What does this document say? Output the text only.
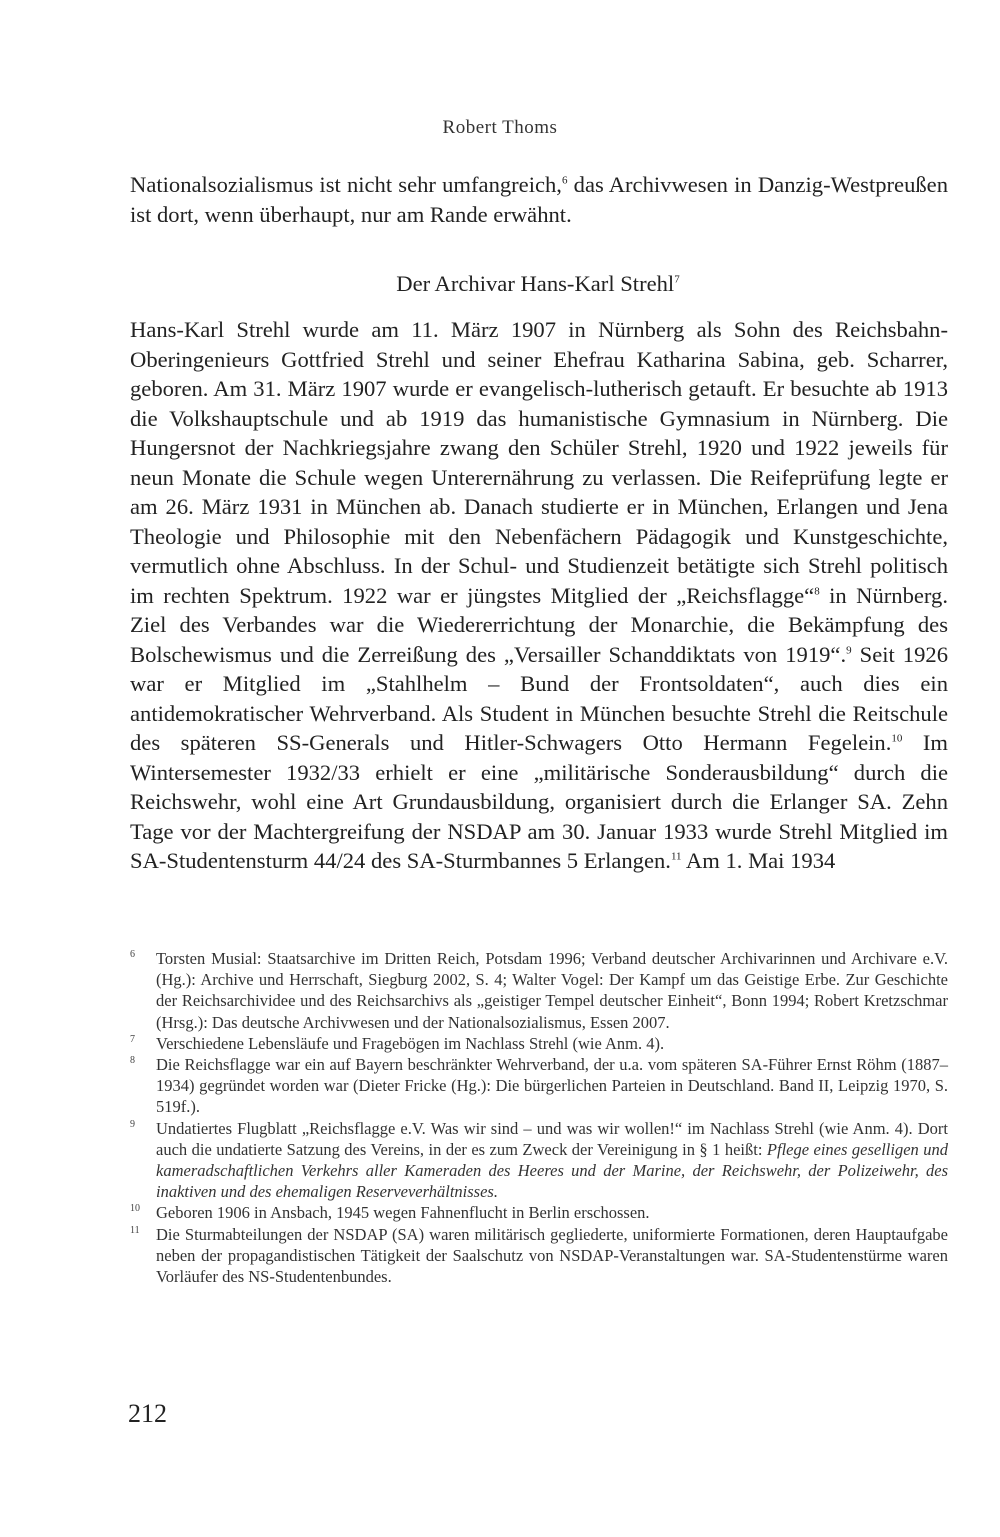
Robert Thoms
Nationalsozialismus ist nicht sehr umfangreich,$^6$ das Archivwesen in Danzig-Westpreußen ist dort, wenn überhaupt, nur am Rande erwähnt.
Der Archivar Hans-Karl Strehl$^7$
Hans-Karl Strehl wurde am 11. März 1907 in Nürnberg als Sohn des Reichsbahn-Oberingenieurs Gottfried Strehl und seiner Ehefrau Katharina Sabina, geb. Scharrer, geboren. Am 31. März 1907 wurde er evangelisch-lutherisch getauft. Er besuchte ab 1913 die Volkshauptschule und ab 1919 das humanistische Gymnasium in Nürnberg. Die Hungersnot der Nachkriegsjahre zwang den Schüler Strehl, 1920 und 1922 jeweils für neun Monate die Schule wegen Unterernährung zu verlassen. Die Reifeprüfung legte er am 26. März 1931 in München ab. Danach studierte er in München, Erlangen und Jena Theologie und Philosophie mit den Nebenfächern Pädagogik und Kunstgeschichte, vermutlich ohne Abschluss. In der Schul- und Studienzeit betätigte sich Strehl politisch im rechten Spektrum. 1922 war er jüngstes Mitglied der „Reichsflagge“$^8$ in Nürnberg. Ziel des Verbandes war die Wiedererrichtung der Monarchie, die Bekämpfung des Bolschewismus und die Zerreißung des „Versailler Schanddiktats von 1919“.$^9$ Seit 1926 war er Mitglied im „Stahlhelm – Bund der Frontsoldaten“, auch dies ein antidemokratischer Wehrverband. Als Student in München besuchte Strehl die Reitschule des späteren SS-Generals und Hitler-Schwagers Otto Hermann Fegelein.$^{10}$ Im Wintersemester 1932/33 erhielt er eine „militärische Sonderausbildung“ durch die Reichswehr, wohl eine Art Grundausbildung, organisiert durch die Erlanger SA. Zehn Tage vor der Machtergreifung der NSDAP am 30. Januar 1933 wurde Strehl Mitglied im SA-Studentensturm 44/24 des SA-Sturmbannes 5 Erlangen.$^{11}$ Am 1. Mai 1934

6 Torsten Musial: Staatsarchive im Dritten Reich, Potsdam 1996; Verband deutscher Archivarinnen und Archivare e.V. (Hg.): Archive und Herrschaft, Siegburg 2002, S. 4; Walter Vogel: Der Kampf um das Geistige Erbe. Zur Geschichte der Reichsarchividee und des Reichsarchivs als „geistiger Tempel deutscher Einheit“, Bonn 1994; Robert Kretzschmar (Hrsg.): Das deutsche Archivwesen und der Nationalsozialismus, Essen 2007.

7 Verschiedene Lebensläufe und Fragebögen im Nachlass Strehl (wie Anm. 4).

8 Die Reichsflagge war ein auf Bayern beschränkter Wehrverband, der u.a. vom späteren SA-Führer Ernst Röhm (1887–1934) gegründet worden war (Dieter Fricke (Hg.): Die bürgerlichen Parteien in Deutschland. Band II, Leipzig 1970, S. 519f.).

9 Undatiertes Flugblatt „Reichsflagge e.V. Was wir sind – und was wir wollen!“ im Nachlass Strehl (wie Anm. 4). Dort auch die undatierte Satzung des Vereins, in der es zum Zweck der Vereinigung in § 1 heißt: Pflege eines geselligen und kameradschaftlichen Verkehrs aller Kameraden des Heeres und der Marine, der Reichswehr, der Polizeiwehr, des inaktiven und des ehemaligen Reserveverhältnisses.

10 Geboren 1906 in Ansbach, 1945 wegen Fahnenflucht in Berlin erschossen.

11 Die Sturmabteilungen der NSDAP (SA) waren militärisch gegliederte, uniformierte Formationen, deren Hauptaufgabe neben der propagandistischen Tätigkeit der Saalschutz von NSDAP-Veranstaltungen war. SA-Studentenstürme waren Vorläufer des NS-Studentenbundes.

212
